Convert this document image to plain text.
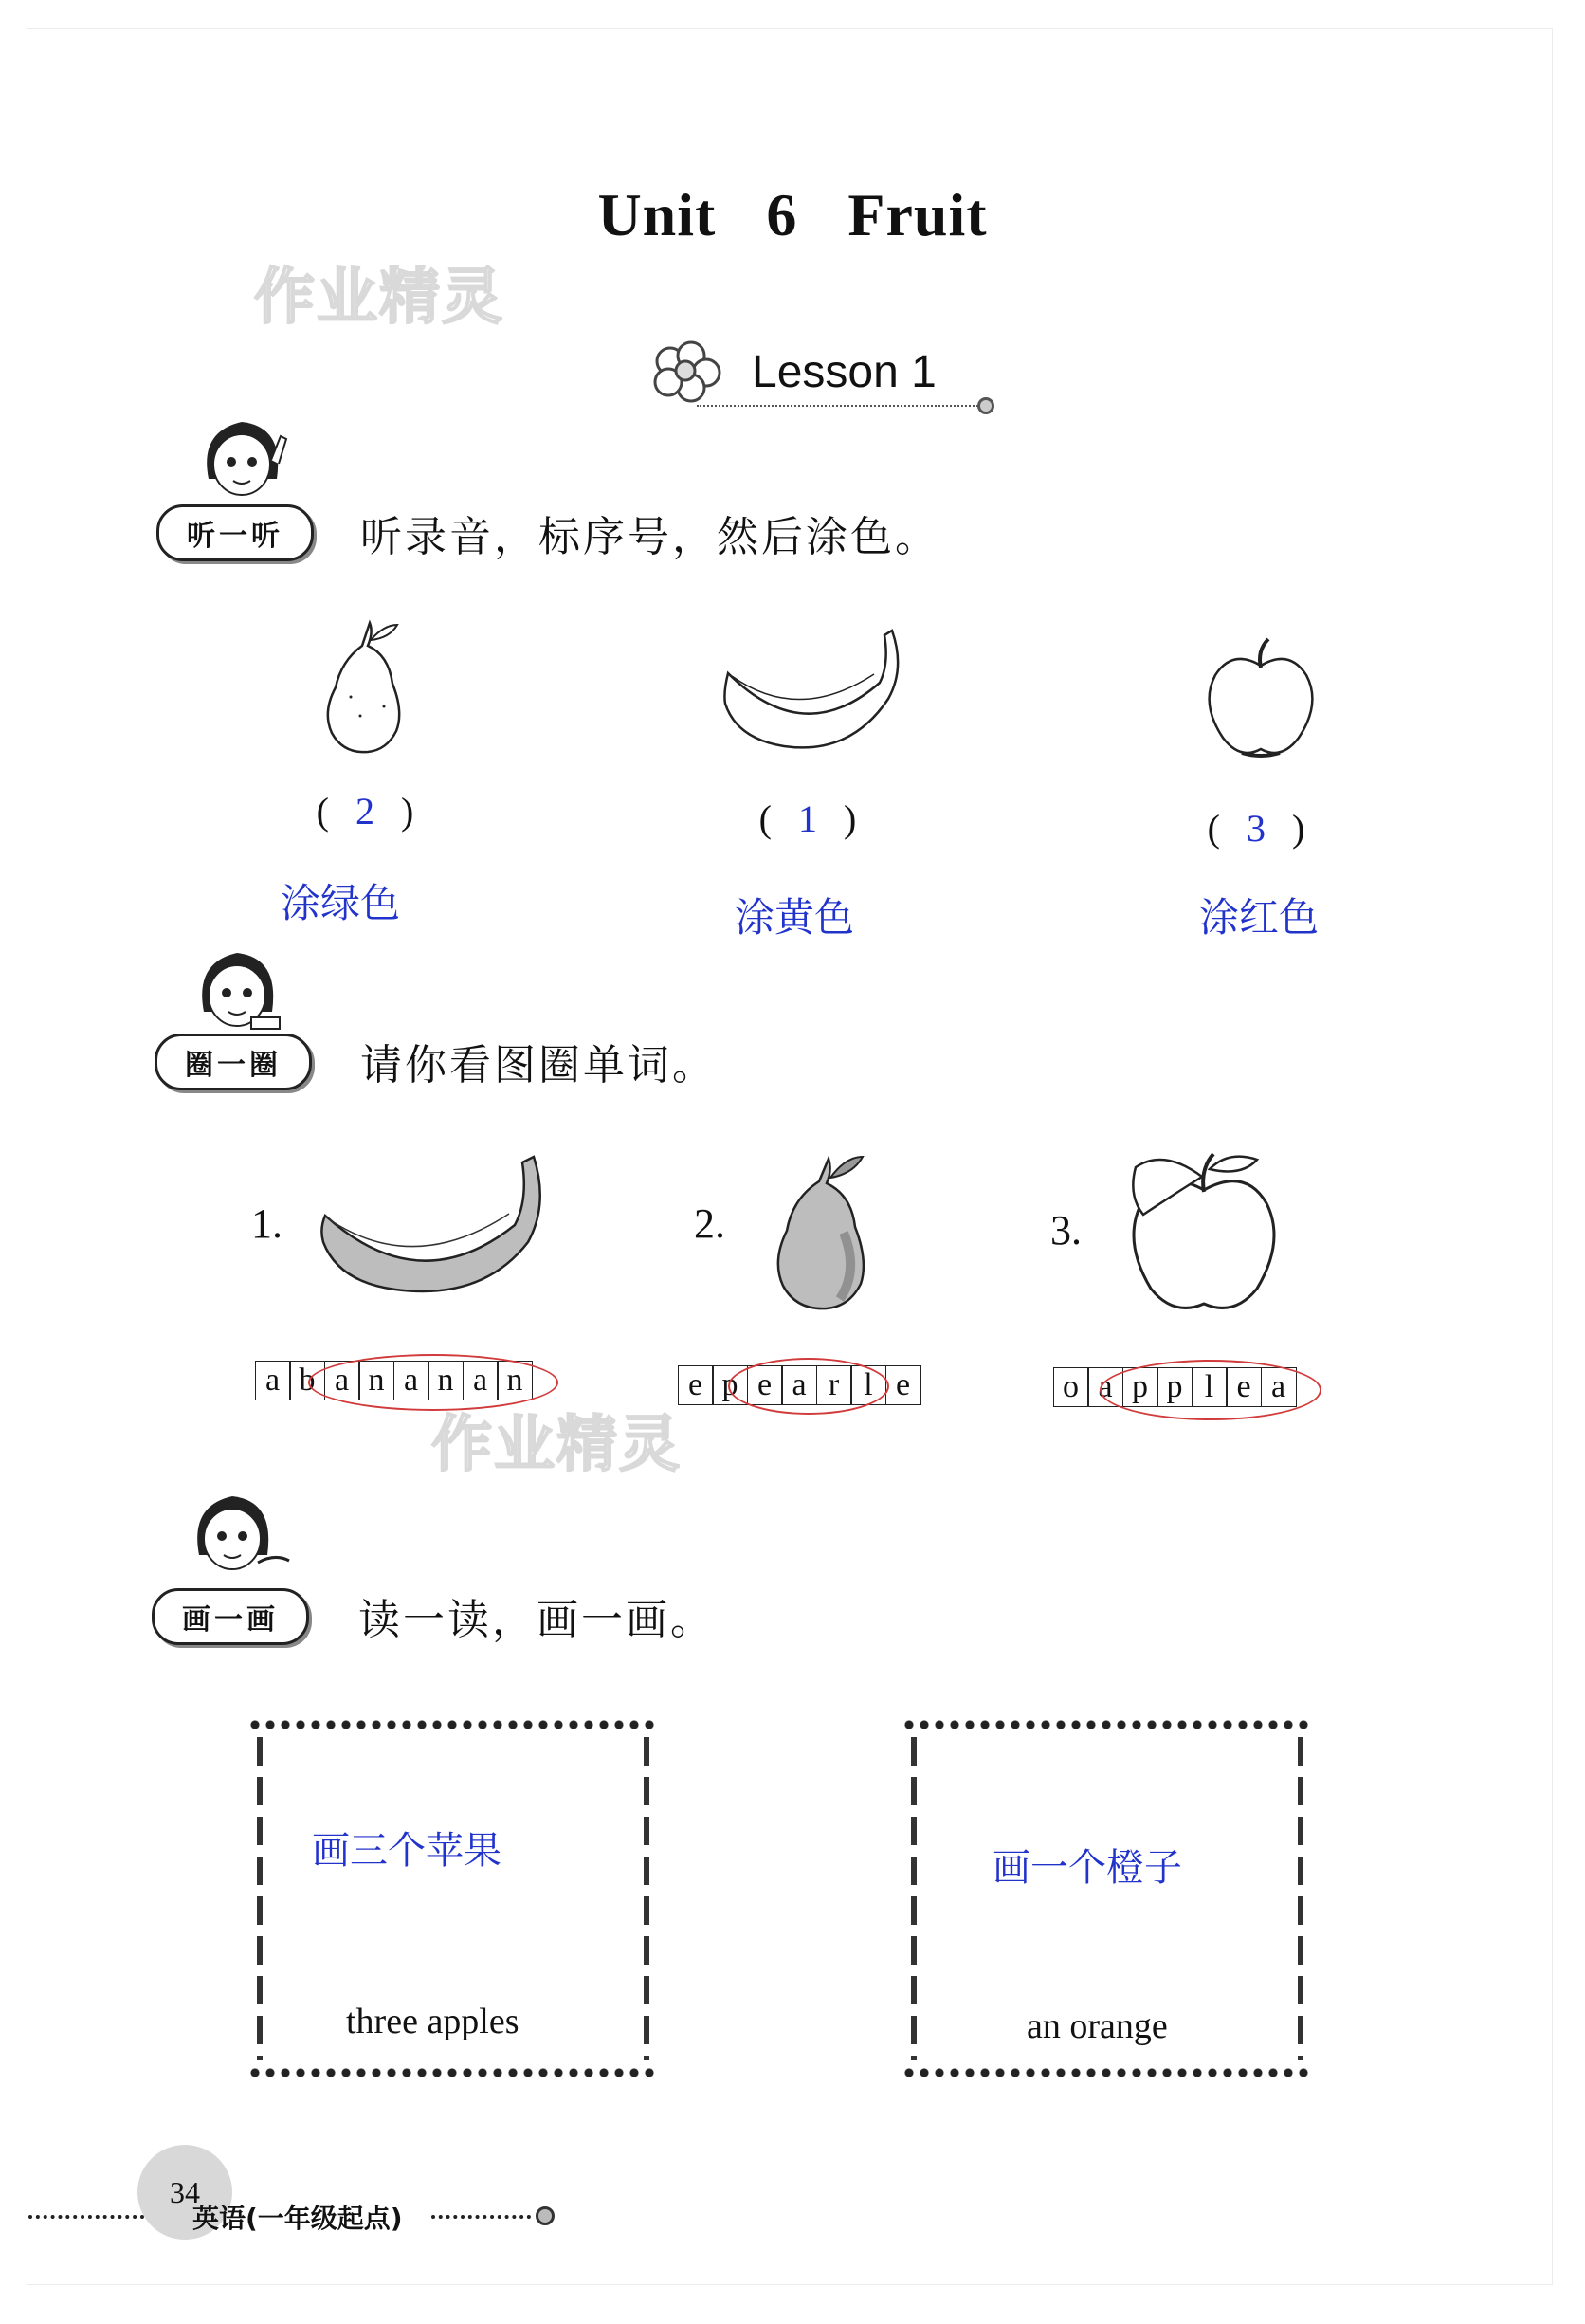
Unit 6 Fruit
作业精灵
作业精灵
Lesson 1
听一听	听录音，标序号，然后涂色。
( 2 )	( 1 )	( 3 )
涂绿色	涂黄色	涂红色
圈一圈	请你看图圈单词。
1.	2.	3.
a b a n a n a n	e p e a r l e	o a p p l e a
画一画	读一读，画一画。
画三个苹果
three apples
画一个橙子
an orange
34
英语(一年级起点)
